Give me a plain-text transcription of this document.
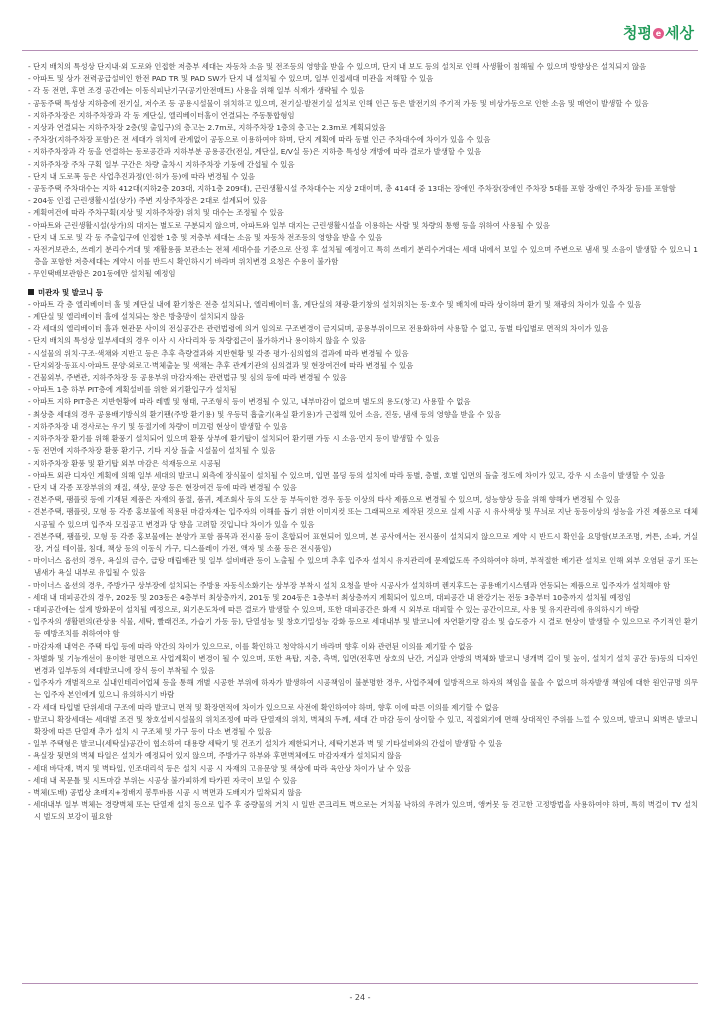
청평 e 세상

- 단지 배치의 특성상 단지내·외 도로와 인접한 저층부 세대는 자동차 소음 및 전조등의 영향을 받을 수 있으며, 단지 내 보도 등의 설치로 인해 사생활이 침해될 수 있으며 방향상은 설치되지 않음

- 아파트 및 상가 전력공급설비인 한전 PAD TR 및 PAD SW가 단지 내 설치될 수 있으며, 일부 인접세대 미관을 저해할 수 있음

- 각 동 전면, 후면 조경 공간에는 이동식피난기구(공기안전매트) 사용을 위해 일부 식재가 생략될 수 있음

- 공동주택 특성상 지하층에 전기실, 저수조 등 공용시설물이 위치하고 있으며, 전기실·발전기실 설치로 인해 인근 동은 발전기의 주기적 가동 및 비상가동으로 인한 소음 및 매연이 발생할 수 있음

- 지하주차장은 지하주차장과 각 동 계단실, 엘리베이터홀이 연결되는 주동통합형임

- 지상과 연결되는 지하주차장 2층(및 출입구)의 층고는 2.7m로, 지하주차장 1층의 층고는 2.3m로 계획되었음

- 주차장(지하주차장 포함)은 전 세대가 위치에 관계없이 공동으로 이용하여야 하며, 단지 계획에 따라 동별 인근 주차대수에 차이가 있을 수 있음

- 지하주차장과 각 동을 연결하는 동로공간과 지하부분 공용공간(전실, 계단실, E/V실 등)은 지하층 특성상 개방에 따라 결로가 발생할 수 있음

- 지하주차장 주차 구획 일부 구간은 차량 출차시 지하주차장 기둥에 간섭될 수 있음

- 단지 내 도로폭 등은 사업추진과정(인·허가 등)에 따라 변경될 수 있음

- 공동주택 주차대수는 지하 412대(지하2층 203대, 지하1층 209대), 근린생활시설 주차대수는 지상 2대이며, 총 414대 중 13대는 장애인 주차장(장애인 주차장 5대를 포함 장애인 주차장 등)를 포함함

- 204동 인접 근린생활시설(상가) 주변 지상주차장은 2대로 설계되어 있음

- 계획여건에 따라 주차구획(지상 및 지하주차장) 위치 및 대수는 조정될 수 있음

- 아파트와 근린생활시설(상가)의 대지는 별도로 구분되지 않으며, 아파트와 일부 대지는 근린생활시설을 이용하는 사람 및 차량의 통행 등을 위하여 사용될 수 있음

- 단지 내 도로 및 각 동 주출입구에 인접한 1층 및 저층부 세대는 소음 및 자동차 전조등의 영향을 받을 수 있음

- 자전거보관소, 쓰레기 분리수거대 및 재활용품 보관소는 전체 세대수를 기준으로 산정 후 설치될 예정이고 특히 쓰레기 분리수거대는 세대 내에서 보일 수 있으며 주변으로 냄새 및 소음이 발생할 수 있으니 1층을 포함한 저층세대는 계약시 이를 반드시 확인하시기 바라며 위치변경 요청은 수용이 불가함

- 무인택배보관함은 201동에만 설치될 예정임

미관자 및 발코니 등

- 아파트 각 층 엘리베이터 홀 및 계단실 내에 환기창은 전층 설치되나, 엘리베이터 홀, 계단실의 채광·환기창의 설치위치는 동·호수 및 배치에 따라 상이하며 환기 및 채광의 차이가 있을 수 있음

- 계단실 및 엘리베이터 홀에 설치되는 창은 방충망이 설치되지 않음

- 각 세대의 엘리베이터 홀과 현관문 사이의 전실공간은 관련법령에 의거 임의로 구조변경이 금지되며, 공용부위이므로 전용화하여 사용할 수 없고, 동별 타입별로 면적의 차이가 있음

- 단지 배치의 특성상 일부세대의 경우 이사 시 사다리차 등 차량접근이 불가하거나 용이하지 않을 수 있음

- 시설물의 위치·구조·색채와 지반고 등은 추후 측량결과와 지반현황 및 각종 평가·심의협의 결과에 따라 변경될 수 있음

- 단지외장·동표시·아파트 문양·외로고·벽체출눈 및 색채는 추후 관계기관의 심의결과 및 현장여건에 따라 변경될 수 있음

- 건물외부, 주변관, 지하주차장 등 공용부위 마감자재는 관련법규 및 심의 등에 따라 변경될 수 있음

- 아파트 1층 하부 PIT층에 계획설비를 위한 외기환입구가 설치됨

- 아파트 지하 PIT층은 지반현황에 따라 레벨 및 형태, 구조형식 등이 변경될 수 있고, 내부마감이 없으며 별도의 용도(창고) 사용할 수 없음

- 최상층 세대의 경우 공용배기방식의 환기팬(주방 환기용) 및 우등덕 흡출기(욕실 환기용)가 근접해 있어 소음, 진동, 냄새 등의 영향을 받을 수 있음

- 지하주차장 내 경사로는 우기 및 동절기에 차량이 미끄럼 현상이 발생할 수 있음

- 지하주차장 환기를 위해 환풍기 설치되어 있으며 환풍 상부에 환기탑이 설치되어 환기팬 가동 시 소음·먼지 등이 발생할 수 있음

- 동 전면에 지하주차장 환풍 환기구, 기타 지상 돌출 시설물이 설치될 수 있음

- 지하주차장 환풍 및 환기탑 외부 마감은 석재등으로 시공됨

- 아파트 외관 디자인 계획에 의해 일부 세대의 발코니 외측에 장식물이 설치될 수 있으며, 입면 몰딩 등의 설치에 따라 동별, 층별, 호별 입면의 돌출 정도에 차이가 있고, 강우 시 소음이 발생할 수 있음

- 단지 내 각종 포장부위의 재질, 색상, 문양 등은 현장여건 등에 따라 변경될 수 있음

- 견본주택, 팸플릿 등에 기재된 제품은 자재의 품절, 품귀, 제조회사 등의 도산 등 부득이한 경우 동등 이상의 타사 제품으로 변경될 수 있으며, 성능향상 등을 위해 향해가 변경될 수 있음

- 견본주택, 팸플릿, 모형 등 각종 홍보물에 적용된 마감자재는 입주자의 이해를 돕기 위한 이미지컷 또는 그래픽으로 제작된 것으로 실제 시공 시 유사색상 및 무늬로 지난 동등이상의 성능을 가진 제품으로 대체 시공될 수 있으며 입주자 모집공고 변경과 당 향을 고려할 것입니다 차이가 있을 수 있음

- 견본주택, 팸플릿, 모형 등 각종 홍보물에는 분양가 포함 품목과 전시품 등이 혼합되어 표현되어 있으며, 본 공사에서는 전시품이 설치되지 않으므로 계약 시 반드시 확인을 요망함(보조조명, 커튼, 소파, 거실장, 거실 테이블, 침대, 책상 등의 이동식 가구, 디스플레이 가전, 액자 및 소품 등은 전시품임)

- 마이너스 옵션의 경우, 욕실의 금수, 급탕 매립배관 및 일부 설비배관 등이 노출될 수 있으며 추후 입주자 설치시 유지관리에 문제없도록 주의하여야 하며, 부적절한 배기관 설치로 인해 외부 오염된 공기 또는 냄새가 욕실 내부로 유입될 수 있음

- 마이너스 옵션의 경우, 주방가구 상부장에 설치되는 주방용 자동식소화기는 상부장 부착시 설치 요청을 받아 시공사가 설치하며 렌지후드는 공용배기시스템과 연동되는 제품으로 입주자가 설치해야 함

- 세대 내 대피공간의 경우, 202동 및 203동은 4층부터 최상층까지, 201동 및 204동은 1층부터 최상층까지 계획되어 있으며, 대피공간 내 완강기는 전동 3층부터 10층까지 설치될 예정임

- 대피공간에는 설계 방화문이 설치될 예정으로, 외기온도차에 따른 결로가 발생할 수 있으며, 또한 대피공간은 화재 시 외부로 대피할 수 있는 공간이므로, 사용 및 유지관리에 유의하시기 바람

- 입주자의 생활편의(관상용 식물, 세탁, 빨래건조, 가습기 가동 등), 단열성능 및 창호기밀성능 강화 등으로 세대내부 및 발코니에 자연환기량 감소 및 습도증가 시 결로 현상이 발생할 수 있으므로 주기적인 환기 등 예방조치를 취하여야 함

- 마감자재 내역은 주택 타입 등에 따라 약간의 차이가 있으므로, 이를 확인하고 청약하시기 바라며 향후 이와 관련된 이의를 제기할 수 없음

- 차별화 및 기능개선이 용이한 평면으로 사업계획이 변경이 될 수 있으며, 또한 욕탑, 지층, 측벽, 입면(전후면 상호의 난간, 거실과 안방의 벽체화 발코니 냉개벽 길이 및 높이, 설치기 설치 공간 등)등의 디자인 변경과 일부동의 세대발코니에 장식 등이 부착될 수 있음

- 입주자가 개별적으로 실내인테리어업체 등을 통해 개별 시공한 부위에 하자가 발생하여 시공책임이 불분명한 경우, 사업주체에 일방적으로 하자의 책임을 물을 수 없으며 하자발생 책임에 대한 원인규명 의무는 입주자 본인에게 있으니 유의하시기 바람

- 각 세대 타입별 단위세대 구조에 따라 발코니 면적 및 확장면적에 차이가 있으므로 사전에 확인하여야 하며, 향후 이에 따른 이의를 제기할 수 없음

- 발코니 확장세대는 세대별 조건 및 창호설비시설물의 위치조정에 따라 단열재의 위치, 벽체의 두께, 세대 간 마감 등이 상이할 수 있고, 직접외기에 면해 상대적인 주위를 느낄 수 있으며, 발코니 외벽은 발코니 확장에 따른 단열재 추가 설치 시 구조체 및 가구 등이 다소 변경될 수 있음

- 일부 주택형은 발코니(세탁실)공간이 협소하여 대용량 세탁기 및 건조기 설치가 제한되거나, 세탁기본과 벽 및 기타설비와의 간섭이 발생할 수 있음

- 욕실장 뒷면의 벽체 타일은 설치가 예정되어 있지 않으며, 주방가구 하부와 후면벽체에도 마감자재가 설치되지 않음

- 세대 바닥재, 벽지 및 벽타일, 인조대리석 등은 설치 시공 시 자재의 고유문양 및 색상에 따라 육안상 차이가 날 수 있음

- 세대 내 목문틀 및 시트마감 부위는 시공상 불가피하게 타카핀 자국이 보일 수 있음

- 벽체(도배) 공법상 초배지+정배지 봉투바름 시공 시 벽면과 도배지가 밀착되지 않음

- 세대내부 일부 벽체는 경량벽체 또는 단열재 설치 등으로 입주 후 중량물의 거치 시 일반 콘크리트 벽으로는 거치물 낙하의 우려가 있으며, 앵커못 등 견고한 고정방법을 사용하여야 하며, 특히 벽걸이 TV 설치 시 벌도의 보강이 필요함

- 24 -
